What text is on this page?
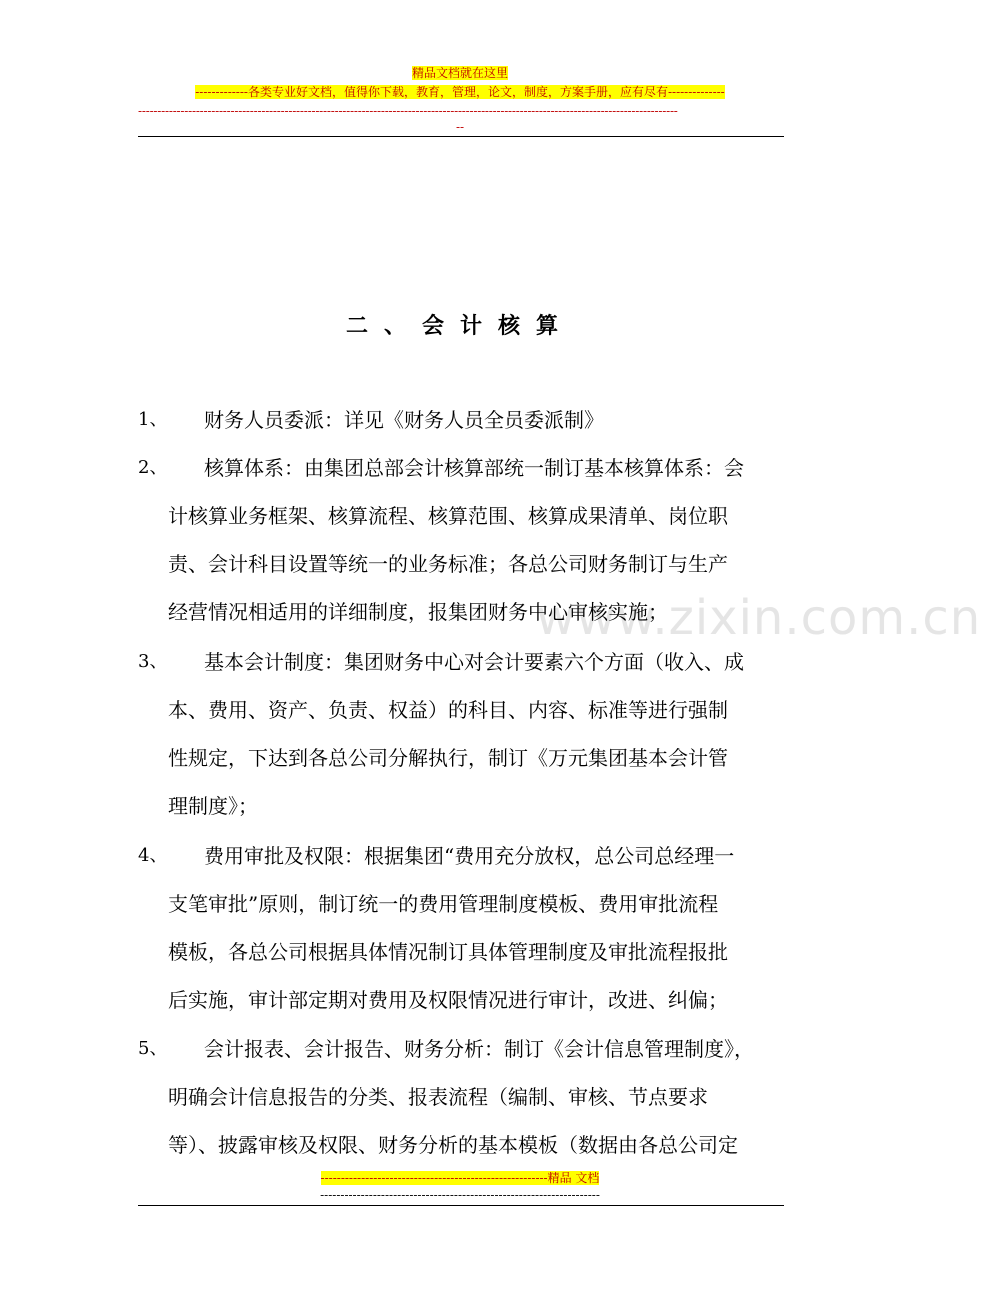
精品文档就在这里
-------------各类专业好文档，值得你下载，教育，管理，论文，制度，方案手册，应有尽有--------------
--------------------------------------------------------------------------------------------------------------------------------------------
--
二、会计核算
www.zixin.com.cn
1、	财务人员委派：详见《财务人员全员委派制》
2、	核算体系：由集团总部会计核算部统一制订基本核算体系：会
计核算业务框架、核算流程、核算范围、核算成果清单、岗位职
责、会计科目设置等统一的业务标准；各总公司财务制订与生产
经营情况相适用的详细制度，报集团财务中心审核实施；
3、	基本会计制度：集团财务中心对会计要素六个方面（收入、成
本、费用、资产、负责、权益）的科目、内容、标准等进行强制
性规定，下达到各总公司分解执行，制订《万元集团基本会计管
理制度》；
4、	费用审批及权限：根据集团“费用充分放权，总公司总经理一
支笔审批”原则，制订统一的费用管理制度模板、费用审批流程
模板，各总公司根据具体情况制订具体管理制度及审批流程报批
后实施，审计部定期对费用及权限情况进行审计，改进、纠偏；
5、	会计报表、会计报告、财务分析：制订《会计信息管理制度》，
明确会计信息报告的分类、报表流程（编制、审核、节点要求
等）、披露审核及权限、财务分析的基本模板（数据由各总公司定
--------------------------------------------------------精品 文档
---------------------------------------------------------------------
